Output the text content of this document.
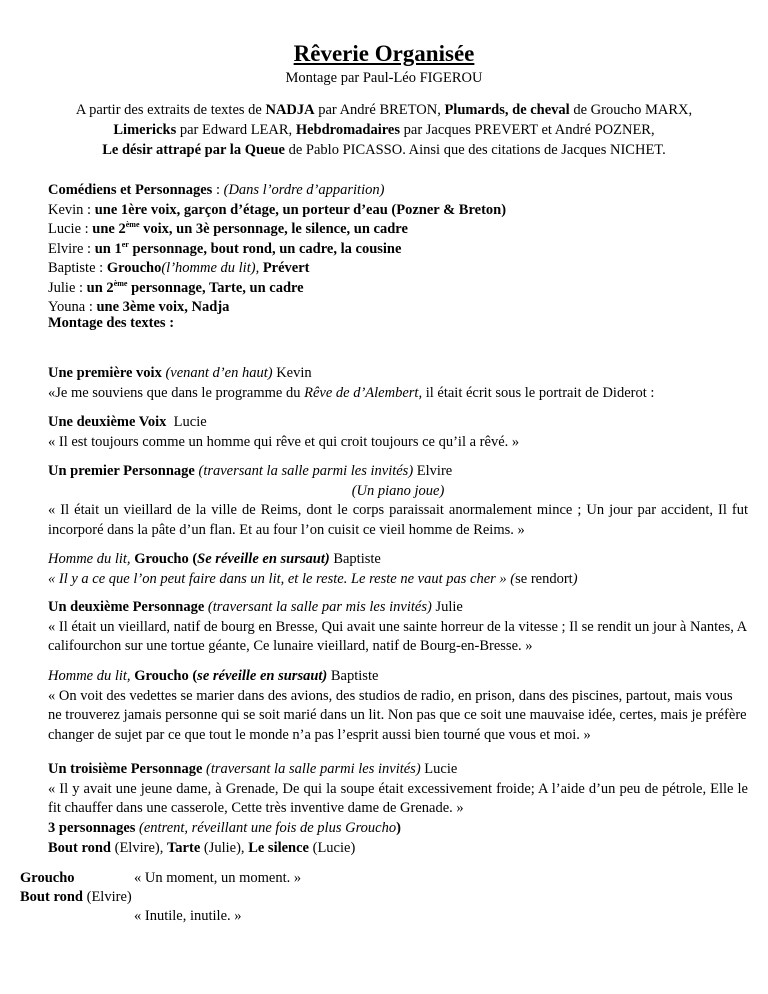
Rêverie Organisée
Montage par Paul-Léo FIGEROU
A partir des extraits de textes de NADJA par André BRETON, Plumards, de cheval de Groucho MARX,
Limericks par Edward LEAR, Hebdromadaires par Jacques PREVERT et André POZNER,
Le désir attrapé par la Queue de Pablo PICASSO. Ainsi que des citations de Jacques NICHET.
Comédiens et Personnages : (Dans l’ordre d’apparition)
Kevin : une 1ère voix, garçon d’étage, un porteur d’eau (Pozner & Breton)
Lucie : une 2ème voix, un 3è personnage, le silence, un cadre
Elvire : un 1er personnage, bout rond, un cadre, la cousine
Baptiste : Groucho(l’homme du lit), Prévert
Julie : un 2ème personnage, Tarte, un cadre
Youna : une 3ème voix, Nadja
Montage des textes :
Une première voix (venant d’en haut) Kevin
«Je me souviens que dans le programme du Rêve de d’Alembert, il était écrit sous le portrait de Diderot :
Une deuxième Voix  Lucie
« Il est toujours comme un homme qui rêve et qui croit toujours ce qu’il a rêvé. »
Un premier Personnage (traversant la salle parmi les invités) Elvire

(Un piano joue)
« Il était un vieillard de la ville de Reims, dont le corps paraissait anormalement mince ; Un jour par accident, Il fut incorporé dans la pâte d’un flan. Et au four l’on cuisit ce vieil homme de Reims. »
Homme du lit, Groucho (Se réveille en sursaut) Baptiste
« Il y a ce que l’on peut faire dans un lit, et le reste. Le reste ne vaut pas cher » (se rendort)
Un deuxième Personnage (traversant la salle par mis les invités) Julie

« Il était un vieillard, natif de bourg en Bresse, Qui avait une sainte horreur de la vitesse ; Il se rendit un jour à Nantes, A califourchon sur une tortue géante, Ce lunaire vieillard, natif de Bourg-en-Bresse. »
Homme du lit, Groucho (se réveille en sursaut) Baptiste

« On voit des vedettes se marier dans des avions, des studios de radio, en prison, dans des piscines, partout, mais vous ne trouverez jamais personne qui se soit marié dans un lit. Non pas que ce soit une mauvaise idée, certes, mais je préfère changer de sujet par ce que tout le monde n’a pas l’esprit aussi bien tourné que vous et moi. »
Un troisième Personnage (traversant la salle parmi les invités) Lucie

« Il y avait une jeune dame, à Grenade, De qui la soupe était excessivement froide; A l’aide d’un peu de pétrole, Elle le fit chauffer dans une casserole, Cette très inventive dame de Grenade. »
3 personnages (entrent, réveillant une fois de plus Groucho)
Bout rond (Elvire), Tarte (Julie), Le silence (Lucie)
Groucho	« Un moment, un moment. »
Bout rond (Elvire)
« Inutile, inutile. »
